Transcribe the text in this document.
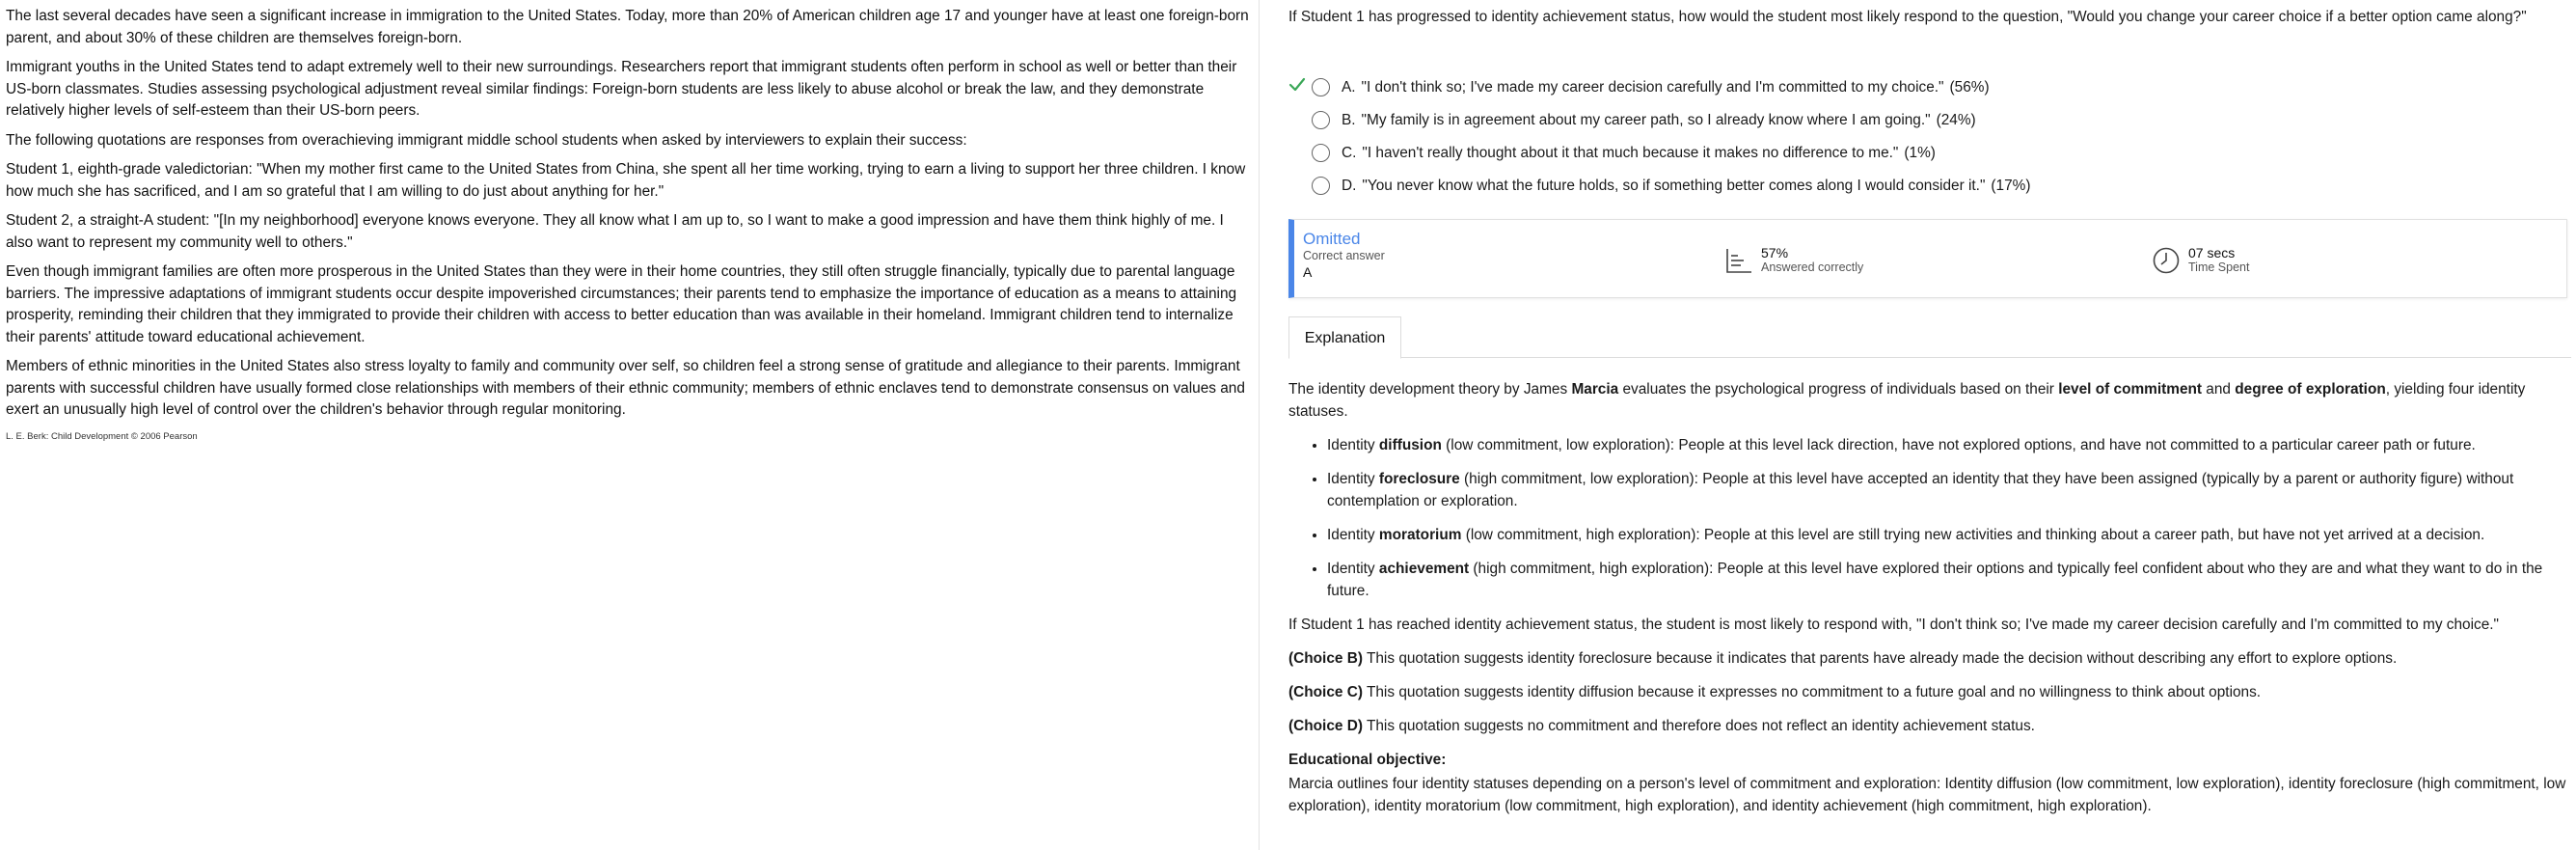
The last several decades have seen a significant increase in immigration to the United States. Today, more than 20% of American children age 17 and younger have at least one foreign-born parent, and about 30% of these children are themselves foreign-born.

Immigrant youths in the United States tend to adapt extremely well to their new surroundings. Researchers report that immigrant students often perform in school as well or better than their US-born classmates. Studies assessing psychological adjustment reveal similar findings: Foreign-born students are less likely to abuse alcohol or break the law, and they demonstrate relatively higher levels of self-esteem than their US-born peers.

The following quotations are responses from overachieving immigrant middle school students when asked by interviewers to explain their success:

Student 1, eighth-grade valedictorian: "When my mother first came to the United States from China, she spent all her time working, trying to earn a living to support her three children. I know how much she has sacrificed, and I am so grateful that I am willing to do just about anything for her."

Student 2, a straight-A student: "[In my neighborhood] everyone knows everyone. They all know what I am up to, so I want to make a good impression and have them think highly of me. I also want to represent my community well to others."

Even though immigrant families are often more prosperous in the United States than they were in their home countries, they still often struggle financially, typically due to parental language barriers. The impressive adaptations of immigrant students occur despite impoverished circumstances; their parents tend to emphasize the importance of education as a means to attaining prosperity, reminding their children that they immigrated to provide their children with access to better education than was available in their homeland. Immigrant children tend to internalize their parents' attitude toward educational achievement.

Members of ethnic minorities in the United States also stress loyalty to family and community over self, so children feel a strong sense of gratitude and allegiance to their parents. Immigrant parents with successful children have usually formed close relationships with members of their ethnic community; members of ethnic enclaves tend to demonstrate consensus on values and exert an unusually high level of control over the children's behavior through regular monitoring.

L. E. Berk: Child Development © 2006 Pearson
If Student 1 has progressed to identity achievement status, how would the student most likely respond to the question, "Would you change your career choice if a better option came along?"
A. "I don't think so; I've made my career decision carefully and I'm committed to my choice." (56%)
B. "My family is in agreement about my career path, so I already know where I am going." (24%)
C. "I haven't really thought about it that much because it makes no difference to me." (1%)
D. "You never know what the future holds, so if something better comes along I would consider it." (17%)
Omitted
Correct answer
A
57%
Answered correctly
07 secs
Time Spent
Explanation

The identity development theory by James Marcia evaluates the psychological progress of individuals based on their level of commitment and degree of exploration, yielding four identity statuses.

• Identity diffusion (low commitment, low exploration): People at this level lack direction, have not explored options, and have not committed to a particular career path or future.
• Identity foreclosure (high commitment, low exploration): People at this level have accepted an identity that they have been assigned (typically by a parent or authority figure) without contemplation or exploration.
• Identity moratorium (low commitment, high exploration): People at this level are still trying new activities and thinking about a career path, but have not yet arrived at a decision.
• Identity achievement (high commitment, high exploration): People at this level have explored their options and typically feel confident about who they are and what they want to do in the future.

If Student 1 has reached identity achievement status, the student is most likely to respond with, "I don't think so; I've made my career decision carefully and I'm committed to my choice."

(Choice B) This quotation suggests identity foreclosure because it indicates that parents have already made the decision without describing any effort to explore options.

(Choice C) This quotation suggests identity diffusion because it expresses no commitment to a future goal and no willingness to think about options.

(Choice D) This quotation suggests no commitment and therefore does not reflect an identity achievement status.

Educational objective:

Marcia outlines four identity statuses depending on a person's level of commitment and exploration: Identity diffusion (low commitment, low exploration), identity foreclosure (high commitment, low exploration), identity moratorium (low commitment, high exploration), and identity achievement (high commitment, high exploration).
